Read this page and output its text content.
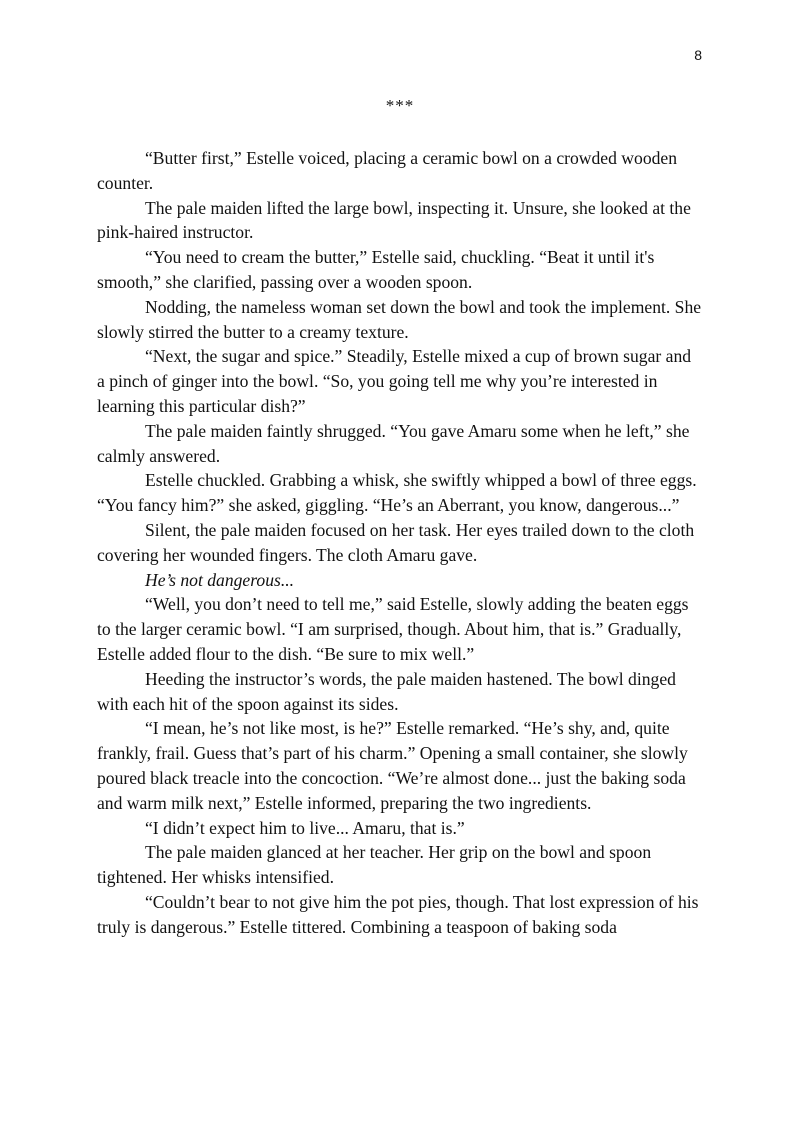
8
***

“Butter first,” Estelle voiced, placing a ceramic bowl on a crowded wooden counter.

The pale maiden lifted the large bowl, inspecting it. Unsure, she looked at the pink-haired instructor.

“You need to cream the butter,” Estelle said, chuckling. “Beat it until it's smooth,” she clarified, passing over a wooden spoon.

Nodding, the nameless woman set down the bowl and took the implement. She slowly stirred the butter to a creamy texture.

“Next, the sugar and spice.” Steadily, Estelle mixed a cup of brown sugar and a pinch of ginger into the bowl. “So, you going tell me why you’re interested in learning this particular dish?”

The pale maiden faintly shrugged. “You gave Amaru some when he left,” she calmly answered.

Estelle chuckled. Grabbing a whisk, she swiftly whipped a bowl of three eggs. “You fancy him?” she asked, giggling. “He’s an Aberrant, you know, dangerous...”

Silent, the pale maiden focused on her task. Her eyes trailed down to the cloth covering her wounded fingers. The cloth Amaru gave.

He’s not dangerous...

“Well, you don’t need to tell me,” said Estelle, slowly adding the beaten eggs to the larger ceramic bowl. “I am surprised, though. About him, that is.” Gradually, Estelle added flour to the dish. “Be sure to mix well.”

Heeding the instructor’s words, the pale maiden hastened. The bowl dinged with each hit of the spoon against its sides.

“I mean, he’s not like most, is he?” Estelle remarked. “He’s shy, and, quite frankly, frail. Guess that’s part of his charm.” Opening a small container, she slowly poured black treacle into the concoction. “We’re almost done... just the baking soda and warm milk next,” Estelle informed, preparing the two ingredients.

“I didn’t expect him to live... Amaru, that is.”

The pale maiden glanced at her teacher. Her grip on the bowl and spoon tightened. Her whisks intensified.

“Couldn’t bear to not give him the pot pies, though. That lost expression of his truly is dangerous.” Estelle tittered. Combining a teaspoon of baking soda
